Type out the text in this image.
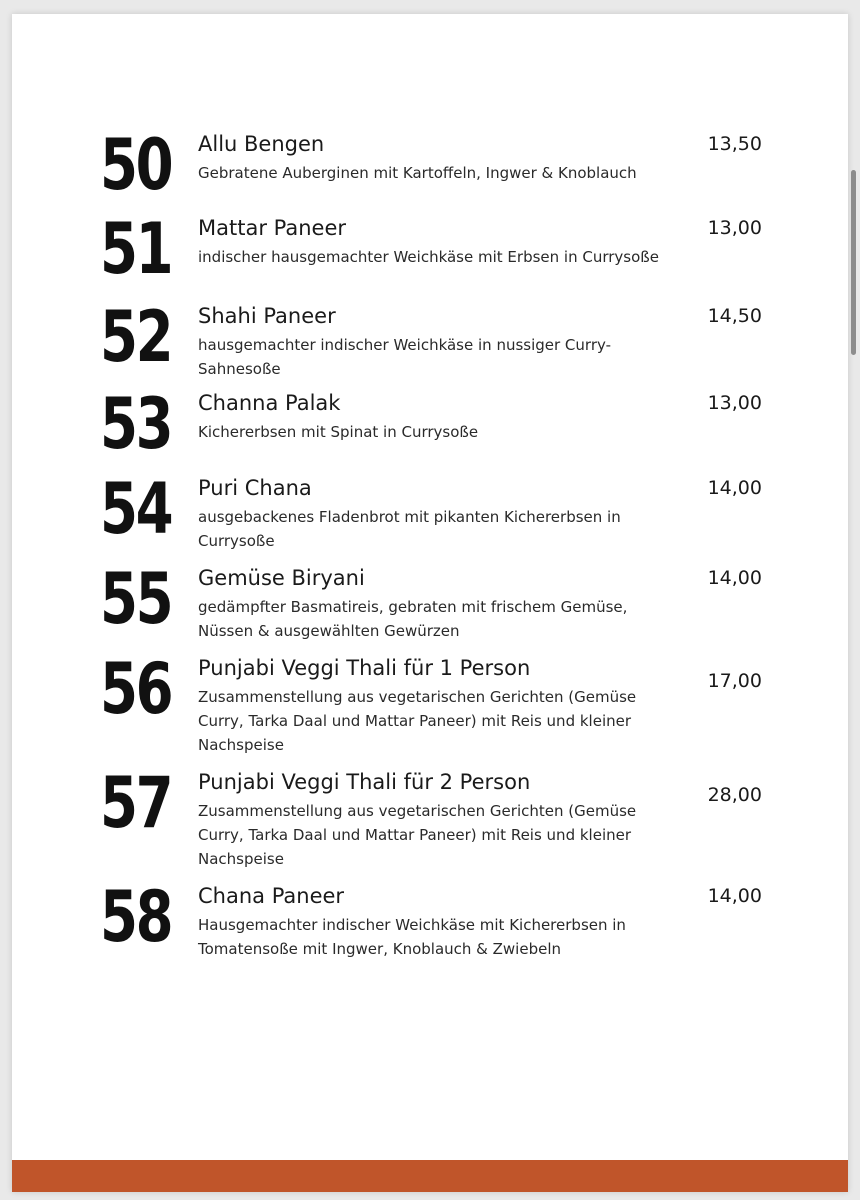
50 Allu Bengen
Gebratene Auberginen mit Kartoffeln, Ingwer & Knoblauch
13,50
51 Mattar Paneer
indischer hausgemachter Weichkäse mit Erbsen in Currysoße
13,00
52 Shahi Paneer
hausgemachter indischer Weichkäse in nussiger Curry-Sahnesoße
14,50
53 Channa Palak
Kichererbsen mit Spinat in Currysoße
13,00
54 Puri Chana
ausgebackenes Fladenbrot mit pikanten Kichererbsen in Currysoße
14,00
55 Gemüse Biryani
gedämpfter Basmatireis, gebraten mit frischem Gemüse, Nüssen & ausgewählten Gewürzen
14,00
56 Punjabi Veggi Thali für 1 Person
Zusammenstellung aus vegetarischen Gerichten (Gemüse Curry, Tarka Daal und Mattar Paneer) mit Reis und kleiner Nachspeise
17,00
57 Punjabi Veggi Thali für 2 Person
Zusammenstellung aus vegetarischen Gerichten (Gemüse Curry, Tarka Daal und Mattar Paneer) mit Reis und kleiner Nachspeise
28,00
58 Chana Paneer
Hausgemachter indischer Weichkäse mit Kichererbsen in Tomatensoße mit Ingwer, Knoblauch & Zwiebeln
14,00
